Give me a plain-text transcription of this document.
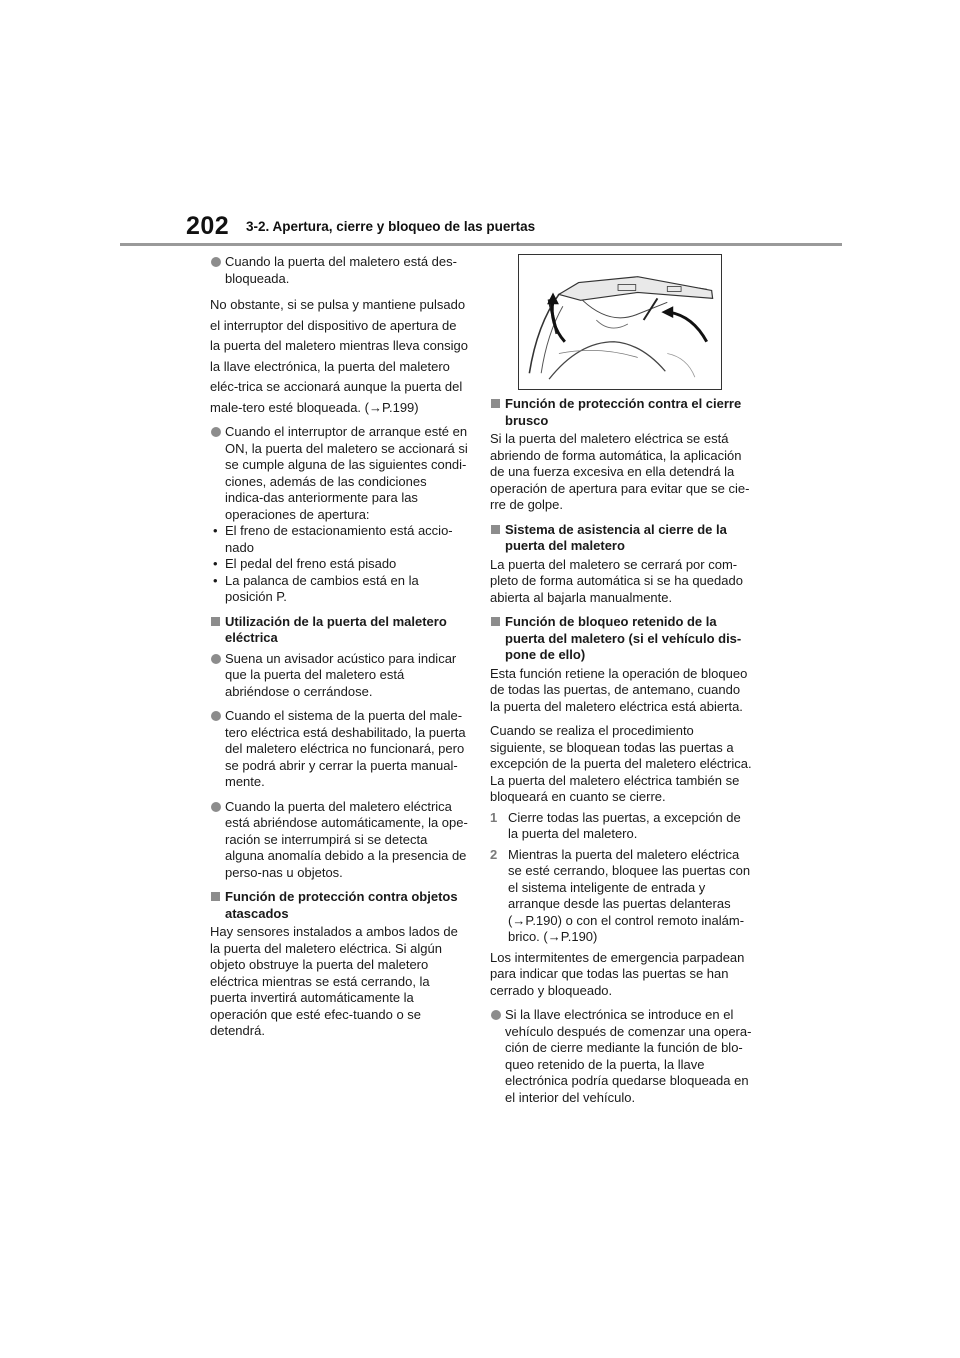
202 3-2. Apertura, cierre y bloqueo de las puertas
Cuando la puerta del maletero está des-bloqueada.
No obstante, si se pulsa y mantiene pulsado el interruptor del dispositivo de apertura de la puerta del maletero mientras lleva consigo la llave electrónica, la puerta del maletero eléc-trica se accionará aunque la puerta del male-tero esté bloqueada. (→P.199)
Cuando el interruptor de arranque esté en ON, la puerta del maletero se accionará si se cumple alguna de las siguientes condi-ciones, además de las condiciones indica-das anteriormente para las operaciones de apertura:
• El freno de estacionamiento está accio-nado
• El pedal del freno está pisado
• La palanca de cambios está en la posición P.
Utilización de la puerta del maletero eléctrica
Suena un avisador acústico para indicar que la puerta del maletero está abriéndose o cerrándose.
Cuando el sistema de la puerta del male-tero eléctrica está deshabilitado, la puerta del maletero eléctrica no funcionará, pero se podrá abrir y cerrar la puerta manual-mente.
Cuando la puerta del maletero eléctrica está abriéndose automáticamente, la ope-ración se interrumpirá si se detecta alguna anomalía debido a la presencia de perso-nas u objetos.
Función de protección contra objetos atascados
Hay sensores instalados a ambos lados de la puerta del maletero eléctrica. Si algún objeto obstruye la puerta del maletero eléctrica mientras se está cerrando, la puerta invertirá automáticamente la operación que esté efec-tuando o se detendrá.
Función de protección contra el cierre brusco
Si la puerta del maletero eléctrica se está abriendo de forma automática, la aplicación de una fuerza excesiva en ella detendrá la operación de apertura para evitar que se cie-rre de golpe.
Sistema de asistencia al cierre de la puerta del maletero
La puerta del maletero se cerrará por com-pleto de forma automática si se ha quedado abierta al bajarla manualmente.
Función de bloqueo retenido de la puerta del maletero (si el vehículo dis-pone de ello)
Esta función retiene la operación de bloqueo de todas las puertas, de antemano, cuando la puerta del maletero eléctrica está abierta.
Cuando se realiza el procedimiento siguiente, se bloquean todas las puertas a excepción de la puerta del maletero eléctrica. La puerta del maletero eléctrica también se bloqueará en cuanto se cierre.
1 Cierre todas las puertas, a excepción de la puerta del maletero.
2 Mientras la puerta del maletero eléctrica se esté cerrando, bloquee las puertas con el sistema inteligente de entrada y arranque desde las puertas delanteras (→P.190) o con el control remoto inalám-brico. (→P.190)
Los intermitentes de emergencia parpadean para indicar que todas las puertas se han cerrado y bloqueado.
Si la llave electrónica se introduce en el vehículo después de comenzar una opera-ción de cierre mediante la función de blo-queo retenido de la puerta, la llave electrónica podría quedarse bloqueada en el interior del vehículo.
